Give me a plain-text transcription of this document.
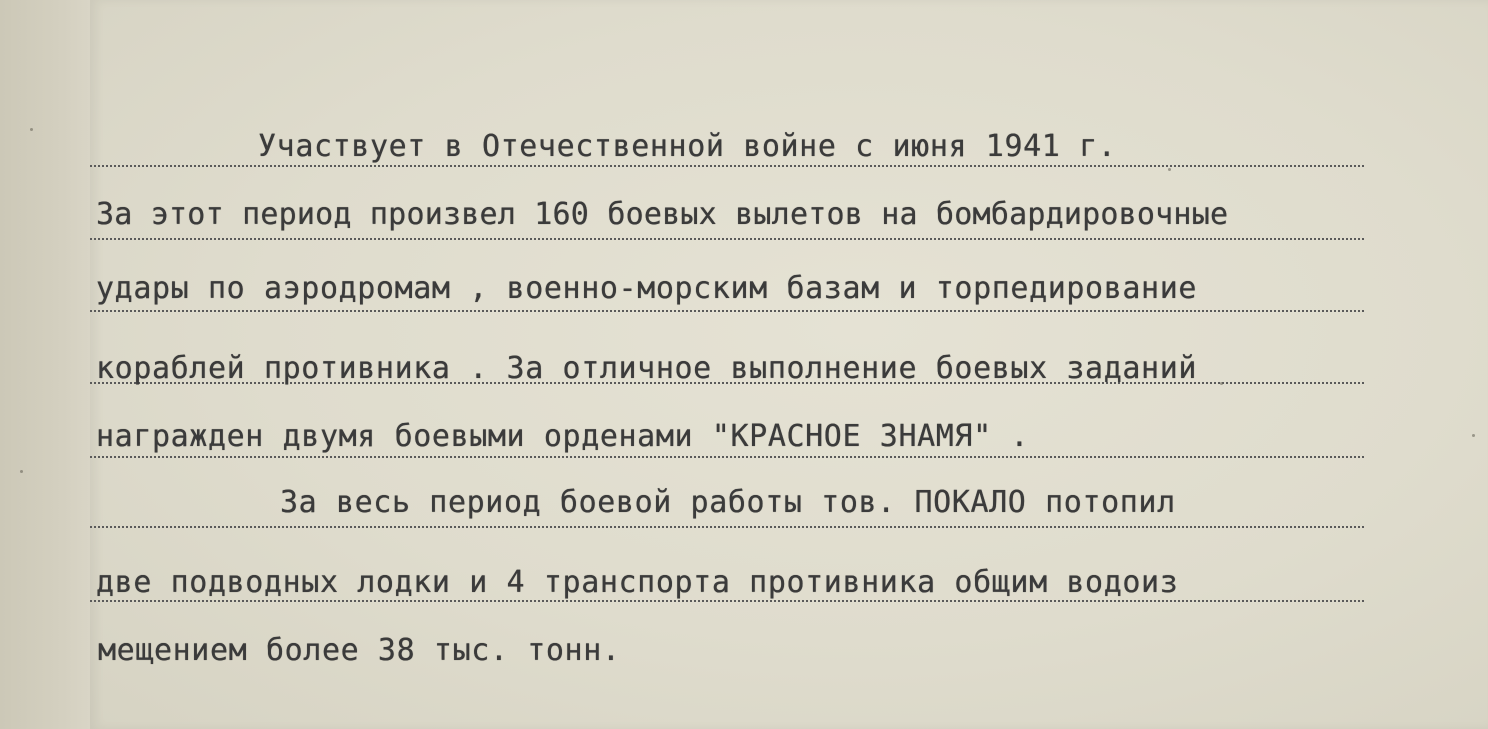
Участвует в Отечественной войне с июня 1941 г.
За этот период произвел 160 боевых вылетов на бомбардировочные
удары по аэродромам , военно-морским базам и торпедирование
кораблей противника . За отличное выполнение боевых заданий
награжден двумя боевыми орденами "КРАСНОЕ ЗНАМЯ" .
За весь период боевой работы тов. ПОКАЛО потопил
две подводных лодки и 4 транспорта противника общим водоиз
мещением более 38 тыс. тонн.
